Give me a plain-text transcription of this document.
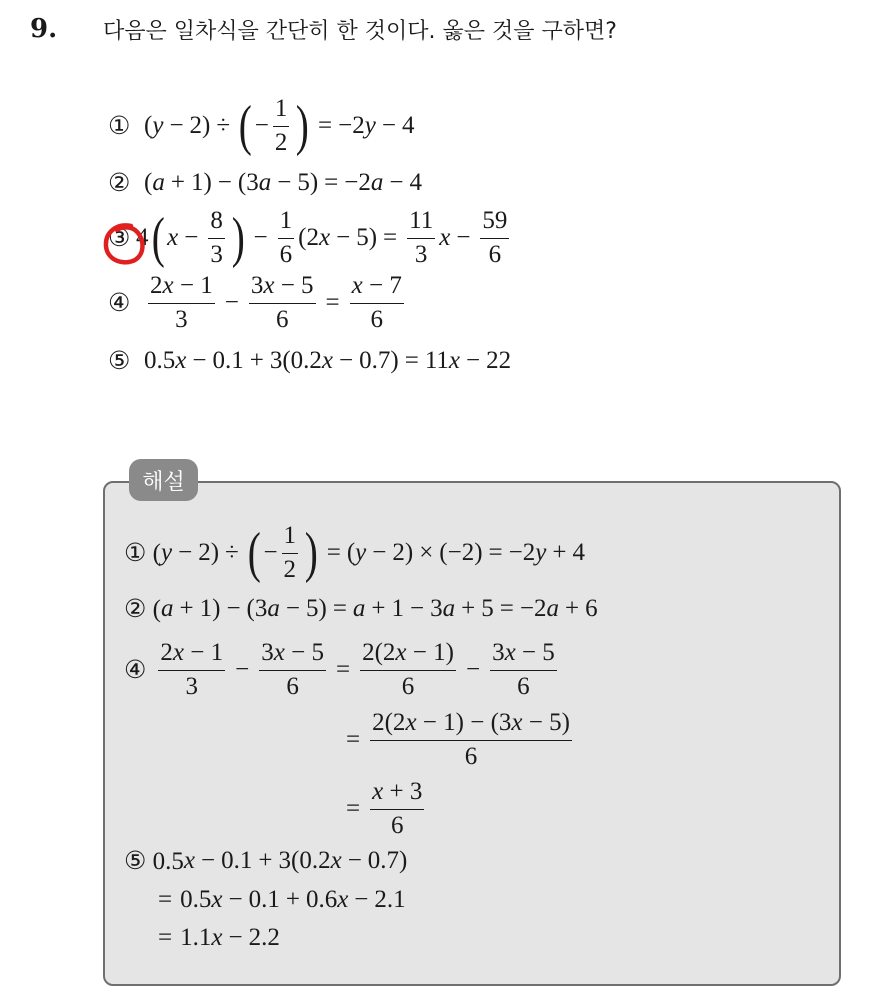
9. 다음은 일차식을 간단히 한 것이다. 옳은 것을 구하면?
① ( y − 2) ÷ ( − $\frac{1}{2}$ ) = −2 y − 4
② ( a + 1) − (3 a − 5) = −2 a − 4
③ 4 ( $x - \frac{8}{3}$ ) − $\frac{1}{6} (2$ $x - 5) = \frac{11}{3}$ $x - \frac{59}{6}$
④ $\frac{2x - 1}{3} - \frac{3x - 5}{6} = \frac{x - 7}{6}$
⑤ 0.5 x − 0.1 + 3(0.2 x − 0.7) = 11 x − 22
해설
① ( y − 2) ÷ ( − $\frac{1}{2}$ ) = ( y − 2) × (−2) = −2 y + 4
② ( a + 1) − (3 a − 5) = a + 1 − 3 a + 5 = −2 a + 6
④ $\frac{2x - 1}{3} - \frac{3x - 5}{6} = \frac{2(2x - 1)}{6} - \frac{3x - 5}{6}$
= $\frac{2(2x - 1) - (3x - 5)}{6}$
= $\frac{x + 3}{6}$
⑤ 0.5 x − 0.1 + 3(0.2 x − 0.7)
= 0.5 x − 0.1 + 0.6 x − 2.1
= 1.1 x − 2.2
